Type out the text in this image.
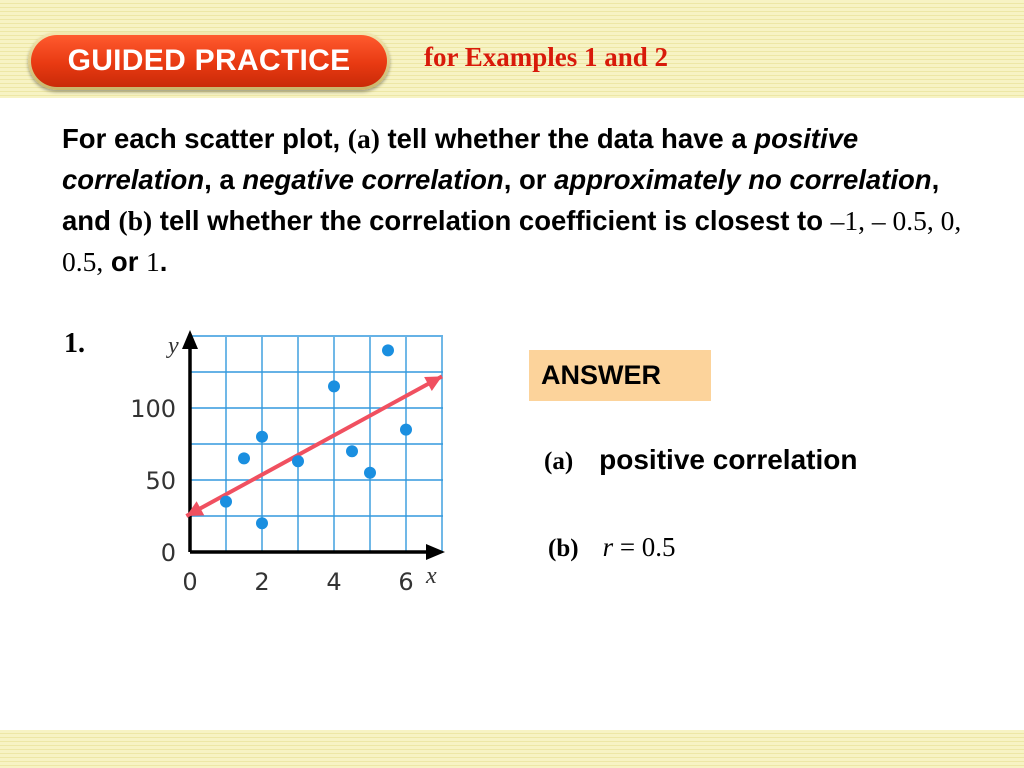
GUIDED PRACTICE	for Examples 1 and 2
For each scatter plot, (a) tell whether the data have a positive correlation, a negative correlation, or approximately no correlation, and (b) tell whether the correlation coefficient is closest to –1, – 0.5, 0, 0.5, or 1.
1.	y
x
0 2 4 6
0
50
100
ANSWER
(a) positive correlation
(b) r = 0.5
